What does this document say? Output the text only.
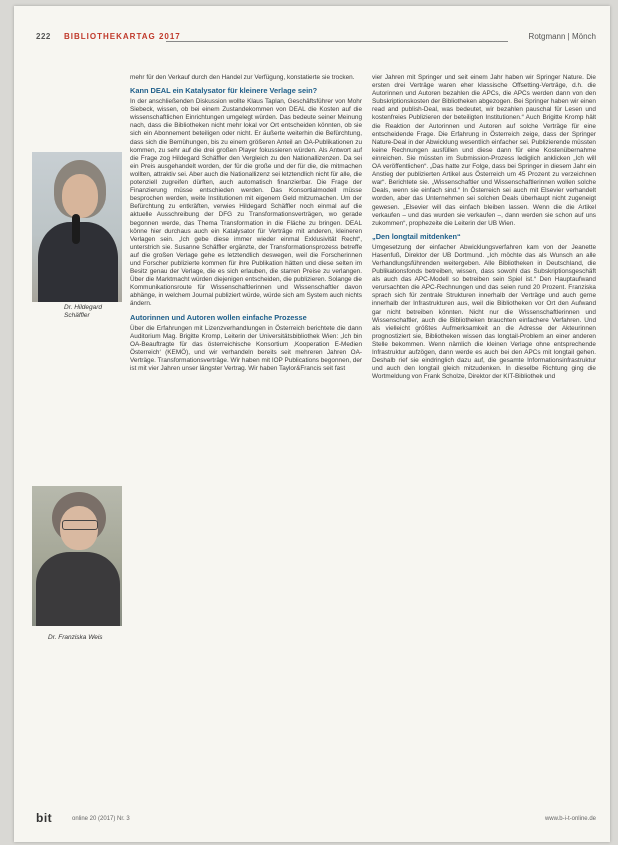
222 BIBLIOTHEKARTAG 2017	Rotgmann | Mönch
Dr. Hildegard Schäffler
Dr. Franziska Weis

mehr für den Verkauf durch den Handel zur Verfügung, konstatierte sie trocken.

Kann DEAL ein Katalysator für kleinere Verlage sein?

In der anschließenden Diskussion wollte Klaus Taplan, Geschäftsführer von Mohr Siebeck, wissen, ob bei einem Zustandekommen von DEAL die Kosten auf die wissenschaftlichen Einrichtungen umgelegt würden. Das bedeute seiner Meinung nach, dass die Bibliotheken nicht mehr lokal vor Ort entscheiden könnten, ob sie sich ein Abonnement beteiligen oder nicht. Er äußerte weiterhin die Befürchtung, dass sich die Bemühungen, bis zu einem größeren Anteil an OA-Publikationen zu kommen, zu sehr auf die drei großen Player fokussieren würden. Als Antwort auf die Frage zog Hildegard Schäffler den Vergleich zu den Nationallizenzen. Da sei ein Preis ausgehandelt worden, der für die große und der für die, die mitmachen wollten, attraktiv sei. Aber auch die Nationallizenz sei letztendlich nicht für alle, die potenziell zugreifen dürften, auch automatisch finanzierbar. Die Frage der Finanzierung müsse entschieden werden. Das Konsortialmodell müsse besprochen werden, weite Institutionen mit eigenem Geld mitzumachen. Um der Befürchtung zu entkräften, verwies Hildegard Schäffler noch einmal auf die aktuelle Ausschreibung der DFG zu Transformationsverträgen, wo gerade begonnen werde, das Thema Transformation in die Fläche zu bringen. DEAL könne hier durchaus auch ein Katalysator für Verträge mit anderen, kleineren Verlagen sein. „Ich gebe diese immer wieder einmal Exklusivität Recht“, unterstrich sie. Susanne Schäffler ergänzte, der Transformationsprozess betreffe auf die großen Verlage gehe es letztendlich deswegen, weil die Forscherinnen und Forscher publizierte kommen für ihre Publikation hätten und diese selten im Besitz genau der Verlage, die es sich erlauben, die starren Preise zu verlangen. Über die Marktmacht würden diejenigen entscheiden, die publizieren. Solange die Kommunikationsroute für Wissenschaftlerinnen und Wissenschaftler davon abhänge, in welchem Journal publiziert würde, würde sich am System auch nichts ändern.

Autorinnen und Autoren wollen einfache Prozesse

Über die Erfahrungen mit Lizenzverhandlungen in Österreich berichtete die dann Auditorium Mag. Brigitte Kromp, Leiterin der Universitätsbibliothek Wien: „Ich bin OA-Beauftragte für das österreichische Konsortium ‚Kooperation E-Medien Österreich‘ (KEMÖ), und wir verhandeln bereits seit mehreren Jahren OA-Verträge. Transformationsverträge. Wir haben mit IOP Publications begonnen, der ist mit vier Jahren unser längster Vertrag. Wir haben Taylor&Francis seit fast

vier Jahren mit Springer und seit einem Jahr haben wir Springer Nature. Die ersten drei Verträge waren eher klassische Offsetting-Verträge, d.h. die Autorinnen und Autoren bezahlen die APCs, die APCs werden dann von den Subskriptionskosten der Bibliotheken abgezogen. Bei Springer haben wir einen read and publish-Deal, was bedeutet, wir bezahlen pauschal für Lesen und kostenfreies Publizieren der beteiligten Institutionen.“ Auch Brigitte Kromp hält die Reaktion der Autorinnen und Autoren auf solche Verträge für eine entscheidende Frage. Die Erfahrung in Österreich zeige, dass der Springer Nature-Deal in der Abwicklung wesentlich einfacher sei. Publizierende müssten keine Rechnungen ausfüllen und diese dann für eine Kostenübernahme einreichen. Sie müssten im Submission-Prozess lediglich anklicken „Ich will OA veröffentlichen“. „Das hatte zur Folge, dass bei Springer in diesem Jahr ein Anstieg der publizierten Artikel aus Österreich um 45 Prozent zu verzeichnen war“. Berichtete sie. „Wissenschaftler und Wissenschaftlerinnen wollen solche Deals, wenn sie einfach sind.“ In Österreich sei auch mit Elsevier verhandelt worden, aber das Unternehmen sei solchen Deals überhaupt nicht zugeneigt gewesen. „Elsevier will das einfach bleiben lassen. Wenn die die Artikel verkaufen – und das wurden sie verkaufen –, dann werden sie schon auf uns zukommen“, prophezeite die Leiterin der UB Wien.

„Den longtail mitdenken“

Umgesetzung der einfacher Abwicklungsverfahren kam von der Jeanette Hasenfuß, Direktor der UB Dortmund. „Ich möchte das als Wunsch an alle Verhandlungsführenden weitergeben. Alle Bibliotheken in Deutschland, die Publikationsfonds betreiben, wissen, dass sowohl das Subskriptionsgeschäft als auch das APC-Modell so betreiben sein Spiel ist.“ Den Hauptaufwand verursachten die APC-Rechnungen und das seien rund 20 Prozent. Franziska sprach sich für zentrale Strukturen innerhalb der Verträge und auch gerne innerhalb der Infrastrukturen aus, weil die Bibliotheken vor Ort den Aufwand gar nicht betreiben könnten. Nicht nur die Wissenschaftlerinnen und Wissenschaftler, auch die Bibliotheken brauchten einfachere Verfahren. Und als vielleicht größtes Aufmerksamkeit an die Adresse der Akteurinnen prognostiziert sie, Bibliotheken wissen das longtail-Problem an einer anderen Stelle bekommen. Wenn nämlich die kleinen Verlage ohne entsprechende Infrastruktur aufzögen, dann werde es auch bei den APCs mit longtail gehen. Deshalb rief sie eindringlich dazu auf, die gesamte Informationsinfrastruktur und auch den longtail gleich mitzudenken. In dieselbe Richtung ging die Wortmeldung von Frank Scholze, Direktor der KIT-Bibliothek und

bit	online 20 (2017) Nr. 3	www.b-i-t-online.de
